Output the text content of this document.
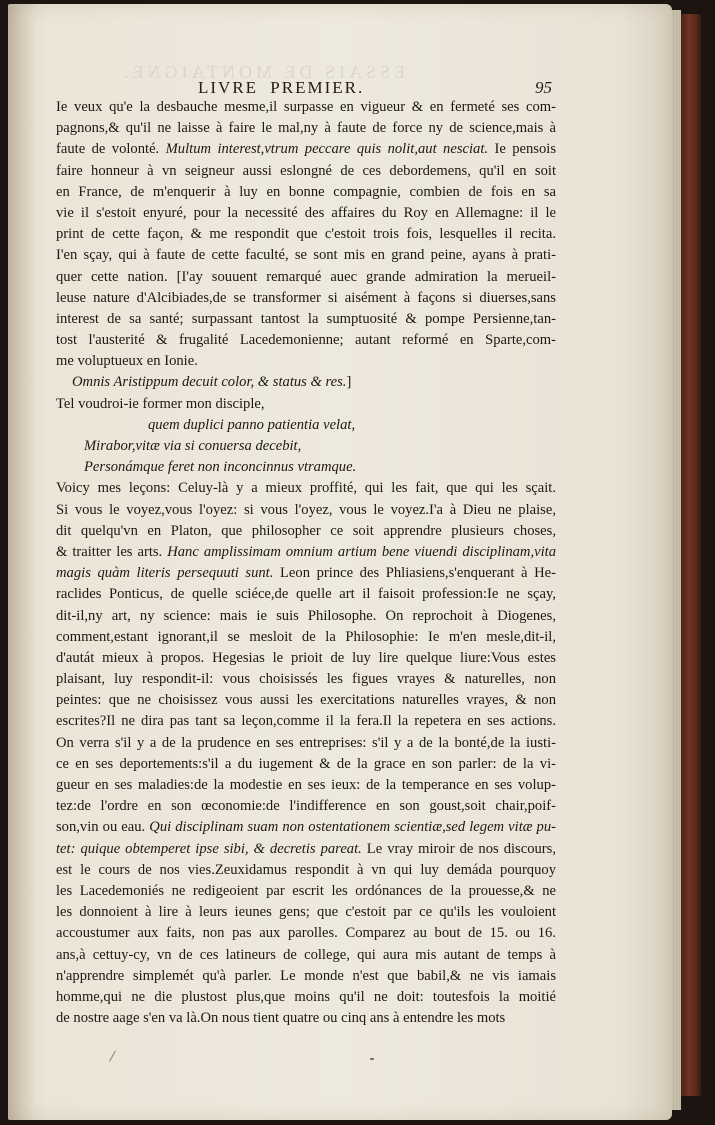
ESSAIS DE MONTAIGNE.
LIVRE PREMIER.	95
Ie veux qu'e la desbauche mesme,il surpasse en vigueur & en fermeté ses com-
pagnons,& qu'il ne laisse à faire le mal,ny à faute de force ny de science,mais à
faute de volonté. Multum interest,vtrum peccare quis nolit,aut nesciat. Ie pensois
faire honneur à vn seigneur aussi eslongné de ces debordemens, qu'il en soit
en France, de m'enquerir à luy en bonne compagnie, combien de fois en sa
vie il s'estoit enyuré, pour la necessité des affaires du Roy en Allemagne: il le
print de cette façon, & me respondit que c'estoit trois fois, lesquelles il recita.
I'en sçay, qui à faute de cette faculté, se sont mis en grand peine, ayans à prati-
quer cette nation. [I'ay souuent remarqué auec grande admiration la merueil-
leuse nature d'Alcibiades,de se transformer si aisément à façons si diuerses,sans
interest de sa santé; surpassant tantost la sumptuosité & pompe Persienne,tan-
tost l'austerité & frugalité Lacedemonienne; autant reformé en Sparte,com-
me voluptueux en Ionie.
Omnis Aristippum decuit color, & status & res.]
Tel voudroi-ie former mon disciple,
quem duplici panno patientia velat,
Mirabor,vitæ via si conuersa decebit,
Personámque feret non inconcinnus vtramque.
Voicy mes leçons: Celuy-là y a mieux proffité, qui les fait, que qui les sçait.
Si vous le voyez,vous l'oyez: si vous l'oyez, vous le voyez.I'a à Dieu ne plaise,
dit quelqu'vn en Platon, que philosopher ce soit apprendre plusieurs choses,
& traitter les arts. Hanc amplissimam omnium artium bene viuendi disciplinam,vita
magis quàm literis persequuti sunt. Leon prince des Phliasiens,s'enquerant à He-
raclides Ponticus, de quelle sciéce,de quelle art il faisoit profession:Ie ne sçay,
dit-il,ny art, ny science: mais ie suis Philosophe. On reprochoit à Diogenes,
comment,estant ignorant,il se mesloit de la Philosophie: Ie m'en mesle,dit-il,
d'autát mieux à propos. Hegesias le prioit de luy lire quelque liure:Vous estes
plaisant, luy respondit-il: vous choisissés les figues vrayes & naturelles, non
peintes: que ne choisissez vous aussi les exercitations naturelles vrayes, & non
escrites?Il ne dira pas tant sa leçon,comme il la fera.Il la repetera en ses actions.
On verra s'il y a de la prudence en ses entreprises: s'il y a de la bonté,de la iusti-
ce en ses deportements:s'il a du iugement & de la grace en son parler: de la vi-
gueur en ses maladies:de la modestie en ses ieux: de la temperance en ses volup-
tez:de l'ordre en son œconomie:de l'indifference en son goust,soit chair,poif-
son,vin ou eau. Qui disciplinam suam non ostentationem scientiæ,sed legem vitæ pu-
tet: quique obtemperet ipse sibi, & decretis pareat. Le vray miroir de nos discours,
est le cours de nos vies.Zeuxidamus respondit à vn qui luy demáda pourquoy
les Lacedemoniés ne redigeoient par escrit les ordónances de la prouesse,& ne
les donnoient à lire à leurs ieunes gens; que c'estoit par ce qu'ils les vouloient
accoustumer aux faits, non pas aux parolles. Comparez au bout de 15. ou 16.
ans,à cettuy-cy, vn de ces latineurs de college, qui aura mis autant de temps à
n'apprendre simplemét qu'à parler. Le monde n'est que babil,& ne vis iamais
homme,qui ne die plustost plus,que moins qu'il ne doit: toutesfois la moitié
de nostre aage s'en va là.On nous tient quatre ou cinq ans à entendre les mots
